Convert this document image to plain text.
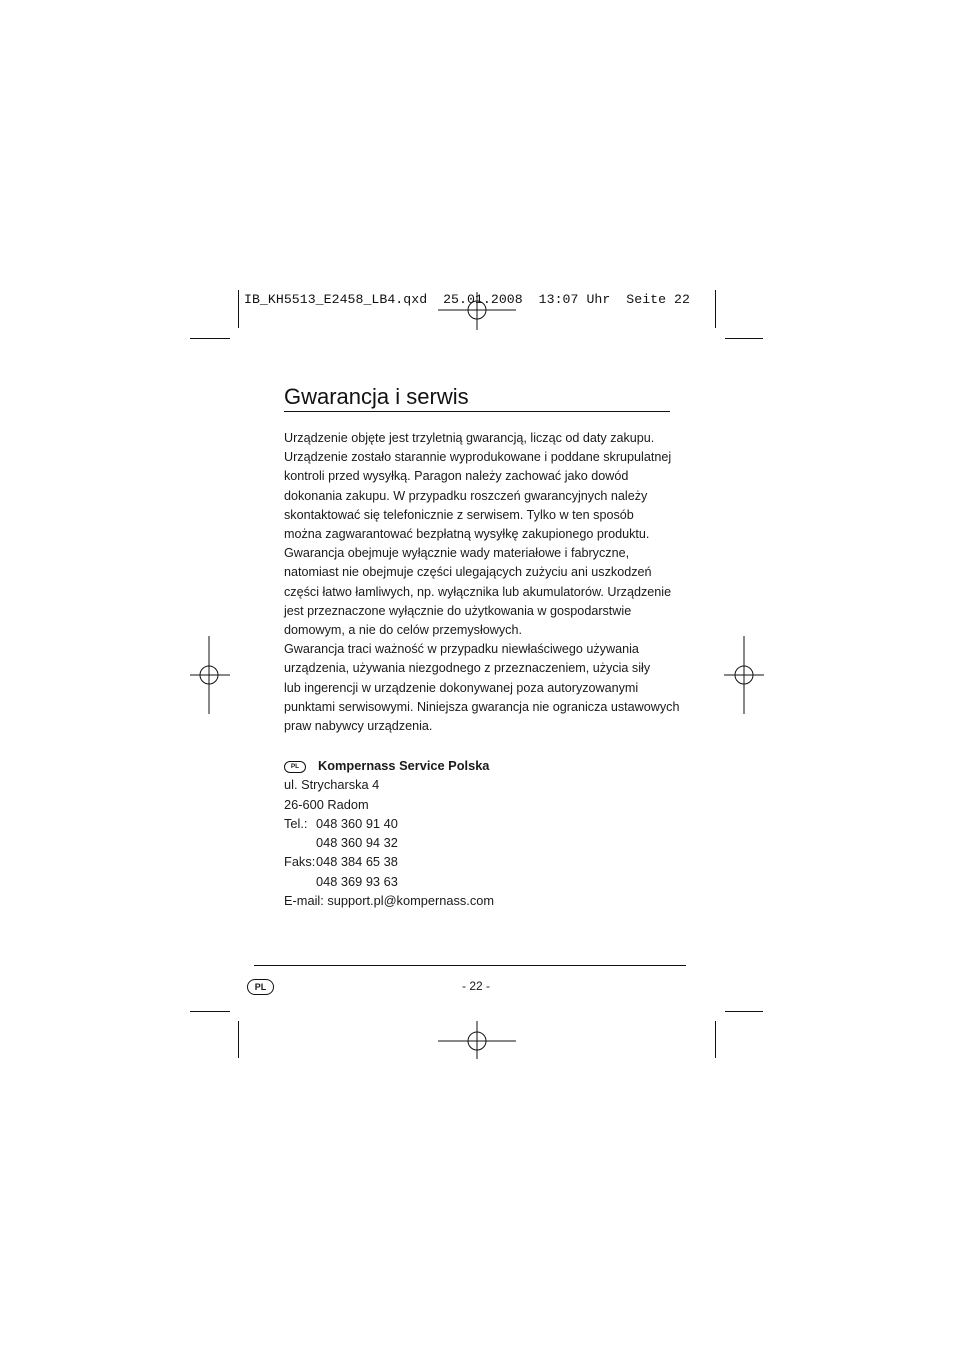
IB_KH5513_E2458_LB4.qxd  25.01.2008  13:07 Uhr  Seite 22
Gwarancja i serwis

Urządzenie objęte jest trzyletnią gwarancją, licząc od daty zakupu.

Urządzenie zostało starannie wyprodukowane i poddane skrupulatnej

kontroli przed wysyłką. Paragon należy zachować jako dowód

dokonania zakupu. W przypadku roszczeń gwarancyjnych należy

skontaktować się telefonicznie z serwisem. Tylko w ten sposób

można zagwarantować bezpłatną wysyłkę zakupionego produktu.

Gwarancja obejmuje wyłącznie wady materiałowe i fabryczne,

natomiast nie obejmuje części ulegających zużyciu ani uszkodzeń

części łatwo łamliwych, np. wyłącznika lub akumulatorów. Urządzenie

jest przeznaczone wyłącznie do użytkowania w gospodarstwie

domowym, a nie do celów przemysłowych.

Gwarancja traci ważność w przypadku niewłaściwego używania

urządzenia, używania niezgodnego z przeznaczeniem, użycia siły

lub ingerencji w urządzenie dokonywanej poza autoryzowanymi

punktami serwisowymi. Niniejsza gwarancja nie ogranicza ustawowych

praw nabywcy urządzenia.

PL Kompernass Service Polska
ul. Strycharska 4
26-600 Radom
Tel.: 048 360 91 40
048 360 94 32
Faks:048 384 65 38
048 369 93 63
E-mail: support.pl@kompernass.com
PL	- 22 -
